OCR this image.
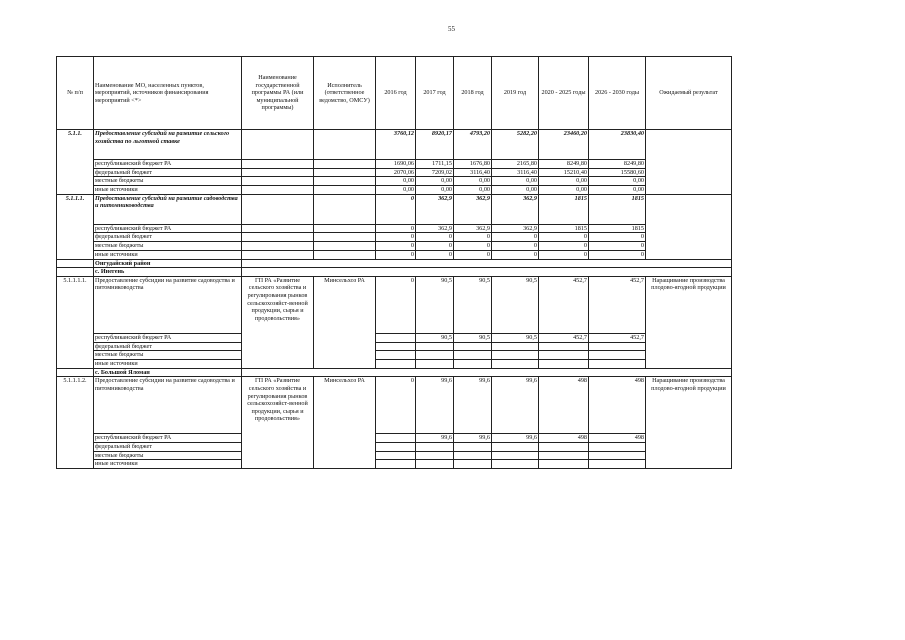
55
№ п/п	Наименование МО, населенных пунктов, мероприятий, источников финансирования мероприятий <*>	Наименование государственной программы РА (или муниципальной программы)	Исполнитель (ответственное ведомство, ОМСУ)	2016 год	2017 год	2018 год	2019 год	2020 - 2025 годы	2026 - 2030 годы	Ожидаемый результат
5.1.1.	Предоставление субсидий на развитие сельского хозяйства по льготной ставке			3760,12	8920,17	4793,20	5282,20	23460,20	23830,40	
	республиканский бюджет РА			1690,06	1711,15	1676,80	2165,80	8249,80	8249,80	
	федеральный бюджет			2070,06	7209,02	3116,40	3116,40	15210,40	15580,60	
	местные бюджеты			0,00	0,00	0,00	0,00	0,00	0,00	
	иные источники			0,00	0,00	0,00	0,00	0,00	0,00	
5.1.1.1.	Предоставление субсидий на развитие садоводства и питомниководства			0	362,9	362,9	362,9	1815	1815	
	республиканский бюджет РА			0	362,9	362,9	362,9	1815	1815	
	федеральный бюджет			0	0	0	0	0	0	
	местные бюджеты			0	0	0	0	0	0	
	иные источники			0	0	0	0	0	0	
	Онгудайский район									
	с. Инегень									
5.1.1.1.1.	Предоставление субсидии на развитие садоводства и питомниководства	ГП РА «Развитие сельского хозяйства и регулирования рынков сельскохозяйст-венной продукции, сырья и продовольствия»	Минсельхоз РА	0	90,5	90,5	90,5	452,7	452,7	Наращивание производства плодово-ягодной продукции
	республиканский бюджет РА				90,5	90,5	90,5	452,7	452,7	
	федеральный бюджет									
	местные бюджеты									
	иные источники									
	с. Большой Яломан									
5.1.1.1.2.	Предоставление субсидии на развитие садоводства и питомниководства	ГП РА «Развитие сельского хозяйства и регулирования рынков сельскохозяйст-венной продукции, сырья и продовольствия»	Минсельхоз РА	0	99,6	99,6	99,6	498	498	Наращивание производства плодово-ягодной продукции
	республиканский бюджет РА				99,6	99,6	99,6	498	498	
	федеральный бюджет									
	местные бюджеты									
	иные источники									
